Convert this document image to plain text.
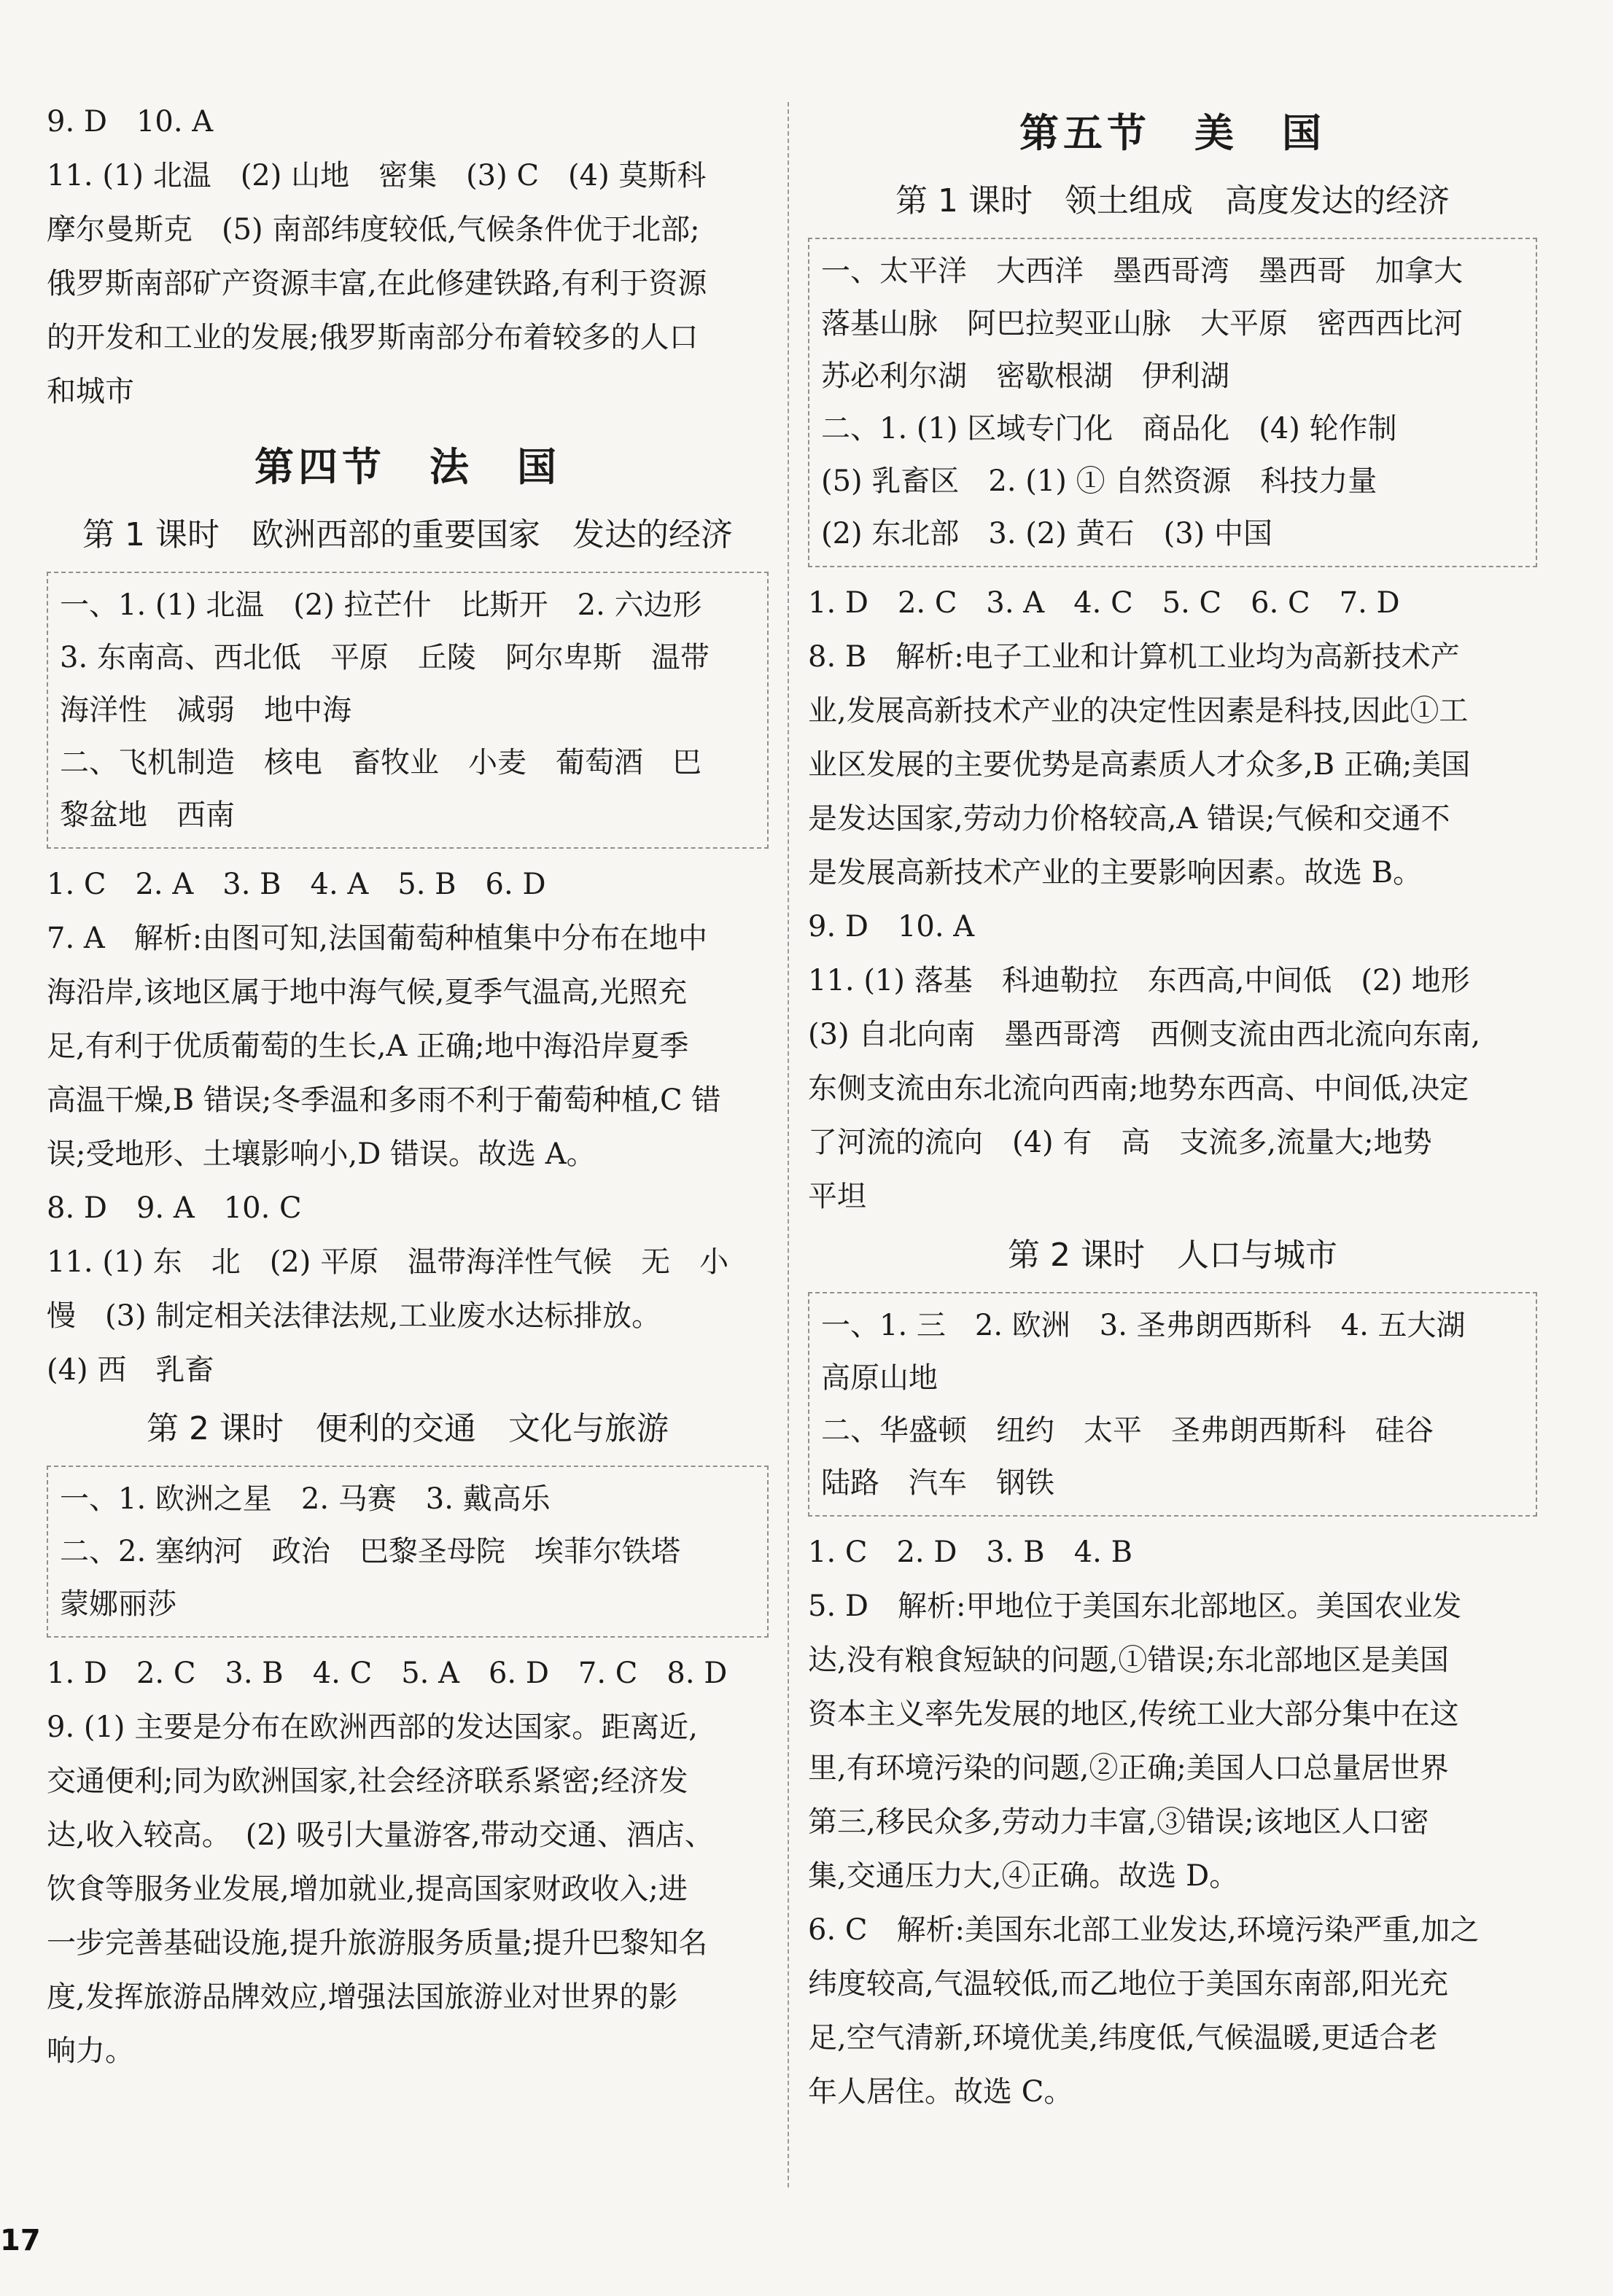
9. D　10. A

11. (1) 北温　(2) 山地　密集　(3) C　(4) 莫斯科

摩尔曼斯克　(5) 南部纬度较低,气候条件优于北部;

俄罗斯南部矿产资源丰富,在此修建铁路,有利于资源

的开发和工业的发展;俄罗斯南部分布着较多的人口

和城市

第四节　法　国
第 1 课时　欧洲西部的重要国家　发达的经济

一、1. (1) 北温　(2) 拉芒什　比斯开　2. 六边形

3. 东南高、西北低　平原　丘陵　阿尔卑斯　温带

海洋性　减弱　地中海

二、飞机制造　核电　畜牧业　小麦　葡萄酒　巴

黎盆地　西南

1. C　2. A　3. B　4. A　5. B　6. D

7. A　解析:由图可知,法国葡萄种植集中分布在地中

海沿岸,该地区属于地中海气候,夏季气温高,光照充

足,有利于优质葡萄的生长,A 正确;地中海沿岸夏季

高温干燥,B 错误;冬季温和多雨不利于葡萄种植,C 错

误;受地形、土壤影响小,D 错误。故选 A。

8. D　9. A　10. C

11. (1) 东　北　(2) 平原　温带海洋性气候　无　小

慢　(3) 制定相关法律法规,工业废水达标排放。

(4) 西　乳畜

第 2 课时　便利的交通　文化与旅游

一、1. 欧洲之星　2. 马赛　3. 戴高乐

二、2. 塞纳河　政治　巴黎圣母院　埃菲尔铁塔

蒙娜丽莎

1. D　2. C　3. B　4. C　5. A　6. D　7. C　8. D

9. (1) 主要是分布在欧洲西部的发达国家。距离近,

交通便利;同为欧洲国家,社会经济联系紧密;经济发

达,收入较高。　(2) 吸引大量游客,带动交通、酒店、

饮食等服务业发展,增加就业,提高国家财政收入;进

一步完善基础设施,提升旅游服务质量;提升巴黎知名

度,发挥旅游品牌效应,增强法国旅游业对世界的影

响力。

第五节　美　国
第 1 课时　领土组成　高度发达的经济

一、太平洋　大西洋　墨西哥湾　墨西哥　加拿大

落基山脉　阿巴拉契亚山脉　大平原　密西西比河

苏必利尔湖　密歇根湖　伊利湖

二、1. (1) 区域专门化　商品化　(4) 轮作制

(5) 乳畜区　2. (1) ① 自然资源　科技力量

(2) 东北部　3. (2) 黄石　(3) 中国

1. D　2. C　3. A　4. C　5. C　6. C　7. D

8. B　解析:电子工业和计算机工业均为高新技术产

业,发展高新技术产业的决定性因素是科技,因此①工

业区发展的主要优势是高素质人才众多,B 正确;美国

是发达国家,劳动力价格较高,A 错误;气候和交通不

是发展高新技术产业的主要影响因素。故选 B。

9. D　10. A

11. (1) 落基　科迪勒拉　东西高,中间低　(2) 地形

(3) 自北向南　墨西哥湾　西侧支流由西北流向东南,

东侧支流由东北流向西南;地势东西高、中间低,决定

了河流的流向　(4) 有　高　支流多,流量大;地势

平坦

第 2 课时　人口与城市

一、1. 三　2. 欧洲　3. 圣弗朗西斯科　4. 五大湖

高原山地

二、华盛顿　纽约　太平　圣弗朗西斯科　硅谷

陆路　汽车　钢铁

1. C　2. D　3. B　4. B

5. D　解析:甲地位于美国东北部地区。美国农业发

达,没有粮食短缺的问题,①错误;东北部地区是美国

资本主义率先发展的地区,传统工业大部分集中在这

里,有环境污染的问题,②正确;美国人口总量居世界

第三,移民众多,劳动力丰富,③错误;该地区人口密

集,交通压力大,④正确。故选 D。

6. C　解析:美国东北部工业发达,环境污染严重,加之

纬度较高,气温较低,而乙地位于美国东南部,阳光充

足,空气清新,环境优美,纬度低,气候温暖,更适合老

年人居住。故选 C。

17
